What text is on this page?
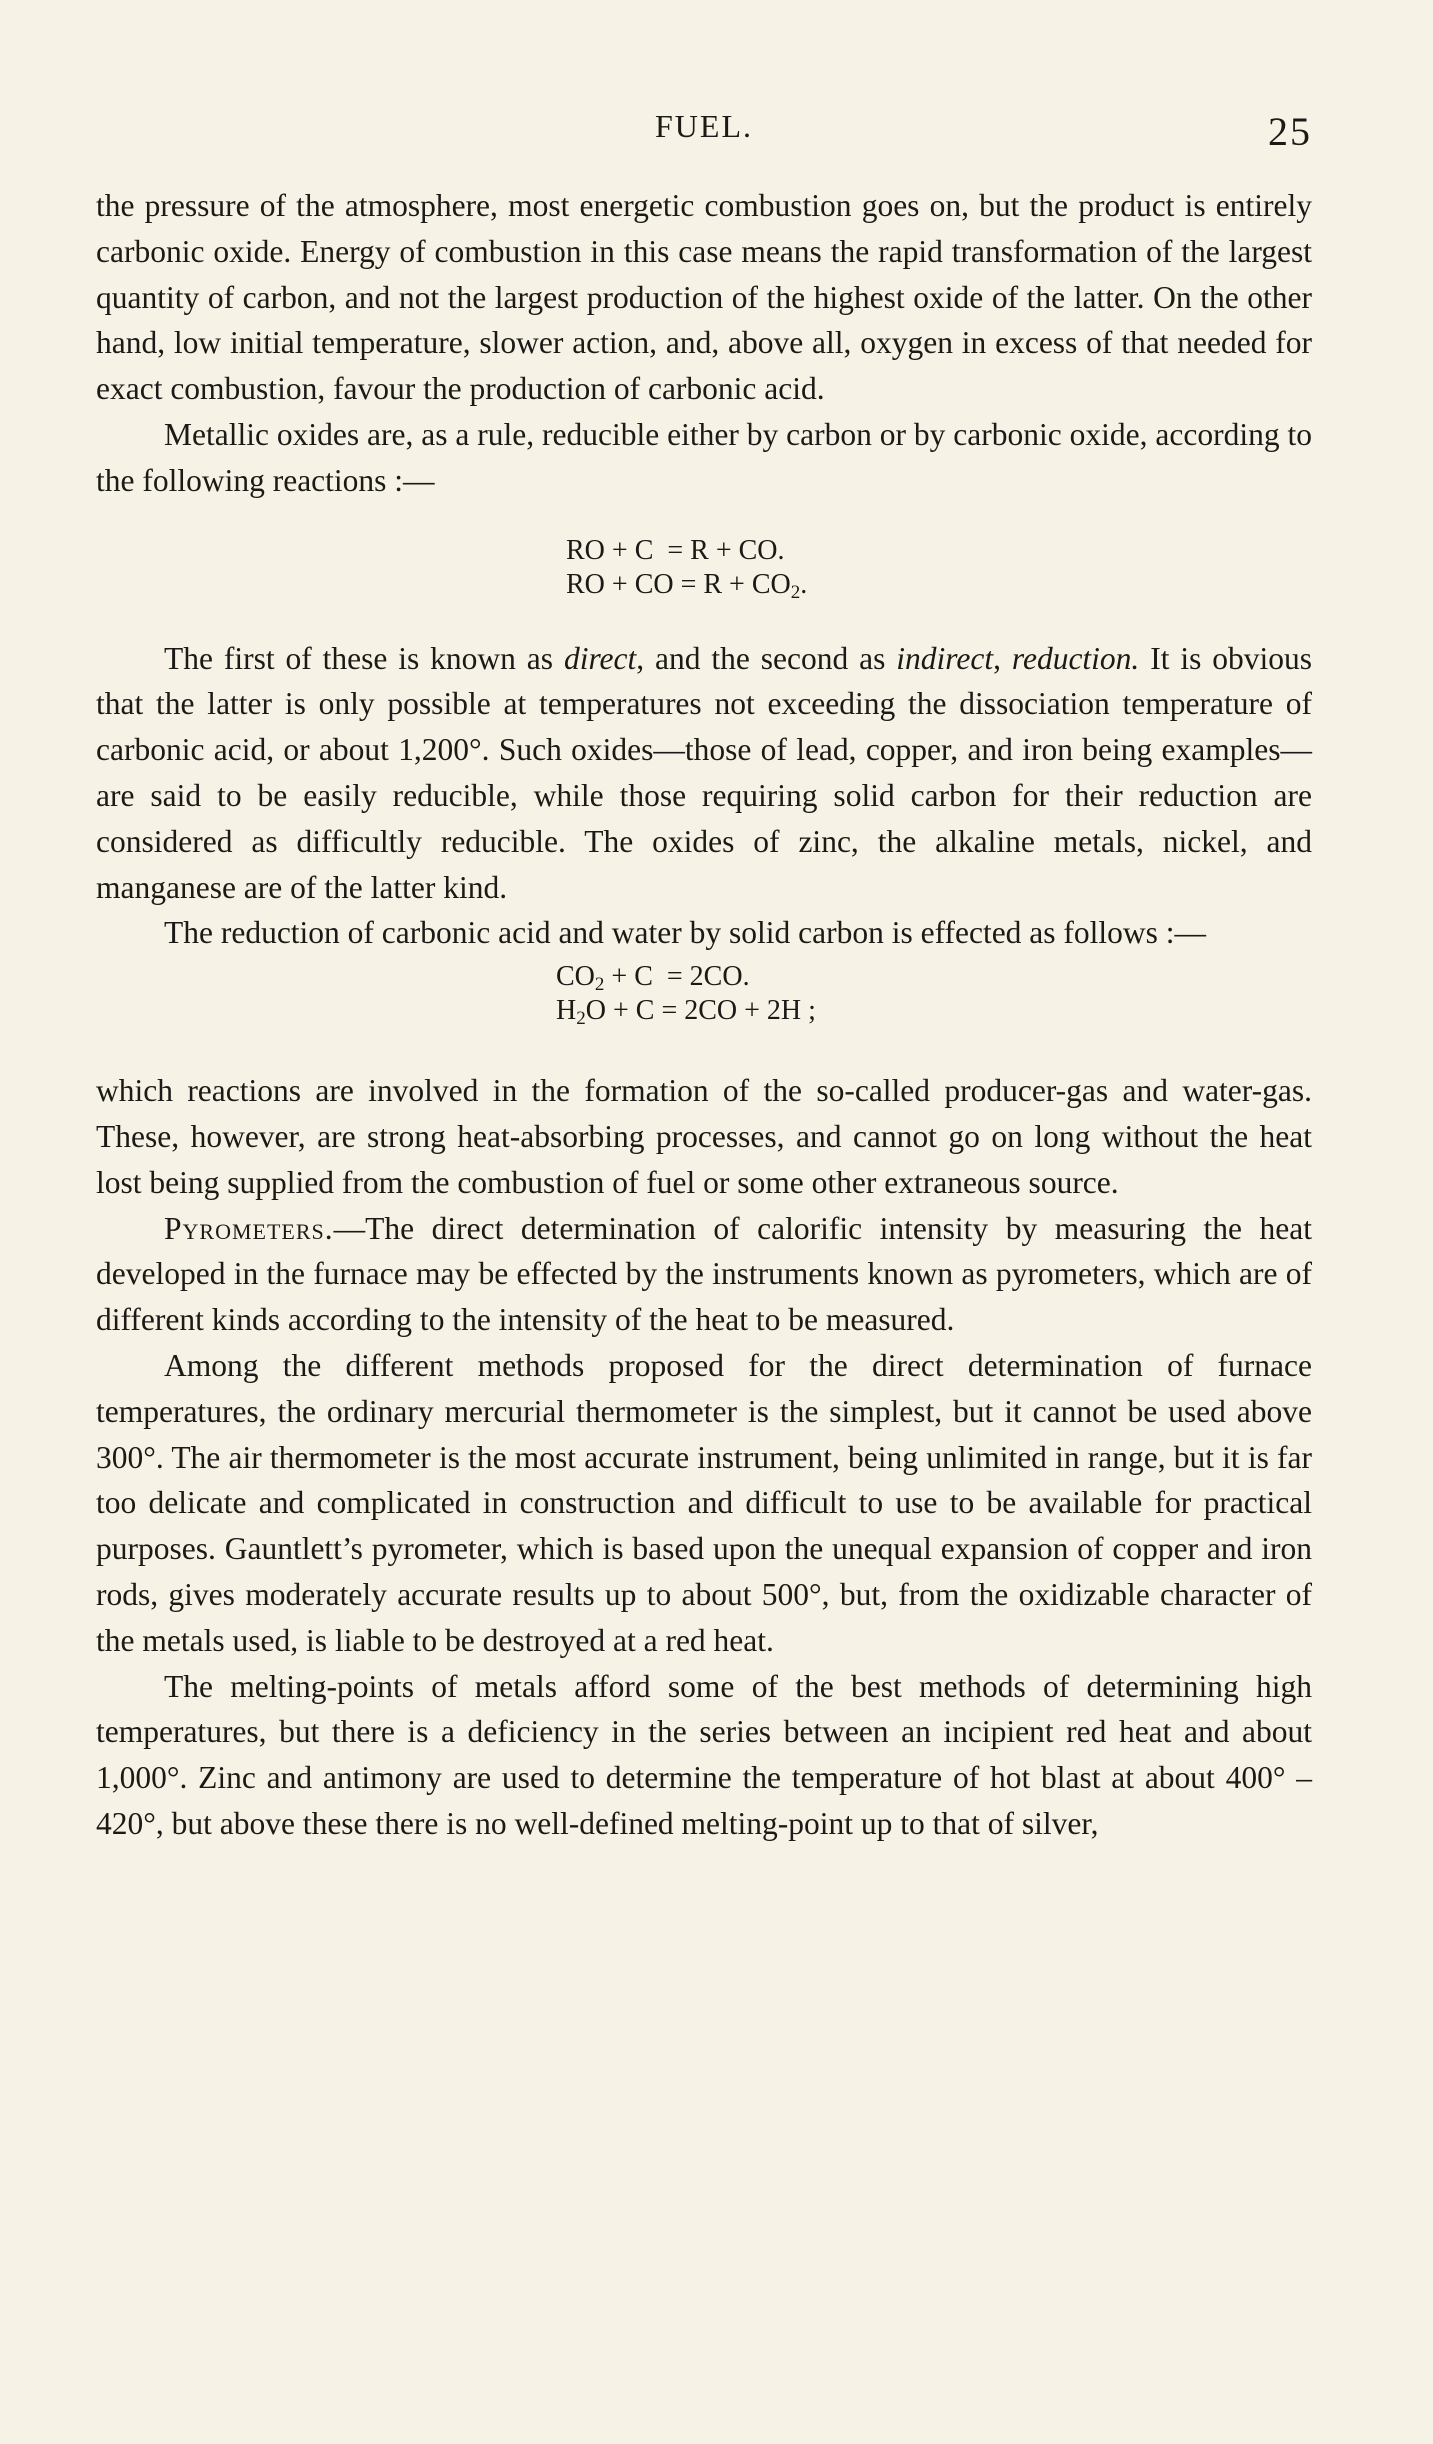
FUEL.	25

the pressure of the atmosphere, most energetic combustion goes on, but the product is entirely carbonic oxide. Energy of combustion in this case means the rapid transformation of the largest quantity of carbon, and not the largest production of the highest oxide of the latter. On the other hand, low initial temperature, slower action, and, above all, oxygen in excess of that needed for exact combustion, favour the production of carbonic acid.

Metallic oxides are, as a rule, reducible either by carbon or by carbonic oxide, according to the following reactions :—

RO + C  = R + CO.
RO + CO = $R + CO_2$.

The first of these is known as direct, and the second as indirect, reduction. It is obvious that the latter is only possible at temperatures not exceeding the dissociation temperature of carbonic acid, or about 1,200°. Such oxides—those of lead, copper, and iron being examples—are said to be easily reducible, while those requiring solid carbon for their reduction are considered as difficultly reducible. The oxides of zinc, the alkaline metals, nickel, and manganese are of the latter kind.

The reduction of carbonic acid and water by solid carbon is effected as follows :—

$CO_2 + C = 2CO$.
$H_2O + C = 2CO + 2H$ ;

which reactions are involved in the formation of the so-called producer-gas and water-gas. These, however, are strong heat-absorbing processes, and cannot go on long without the heat lost being supplied from the combustion of fuel or some other extraneous source.

Pyrometers.—The direct determination of calorific intensity by measuring the heat developed in the furnace may be effected by the instruments known as pyrometers, which are of different kinds according to the intensity of the heat to be measured.

Among the different methods proposed for the direct determination of furnace temperatures, the ordinary mercurial thermometer is the simplest, but it cannot be used above 300°. The air thermometer is the most accurate instrument, being unlimited in range, but it is far too delicate and complicated in construction and difficult to use to be available for practical purposes. Gauntlett’s pyrometer, which is based upon the unequal expansion of copper and iron rods, gives moderately accurate results up to about 500°, but, from the oxidizable character of the metals used, is liable to be destroyed at a red heat.

The melting-points of metals afford some of the best methods of determining high temperatures, but there is a deficiency in the series between an incipient red heat and about 1,000°. Zinc and antimony are used to determine the temperature of hot blast at about 400° – 420°, but above these there is no well-defined melting-point up to that of silver,
